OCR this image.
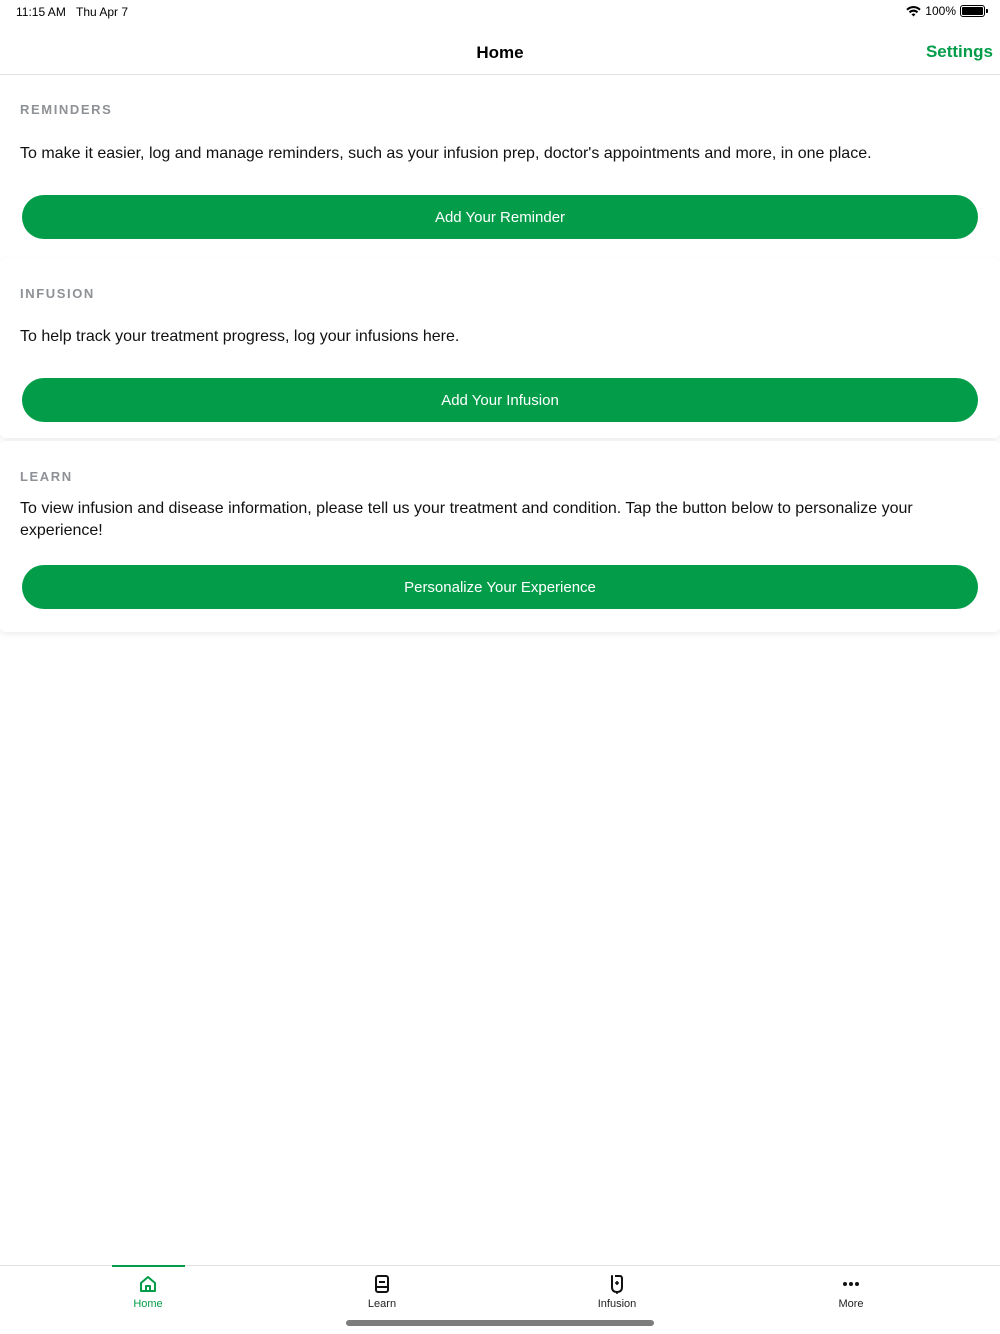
11:15 AM Thu Apr 7	100%
Home	Settings
REMINDERS
To make it easier, log and manage reminders, such as your infusion prep, doctor's appointments and more, in one place.
Add Your Reminder
INFUSION
To help track your treatment progress, log your infusions here.
Add Your Infusion
LEARN
To view infusion and disease information, please tell us your treatment and condition. Tap the button below to personalize your experience!
Personalize Your Experience
Home	Learn	Infusion	More
